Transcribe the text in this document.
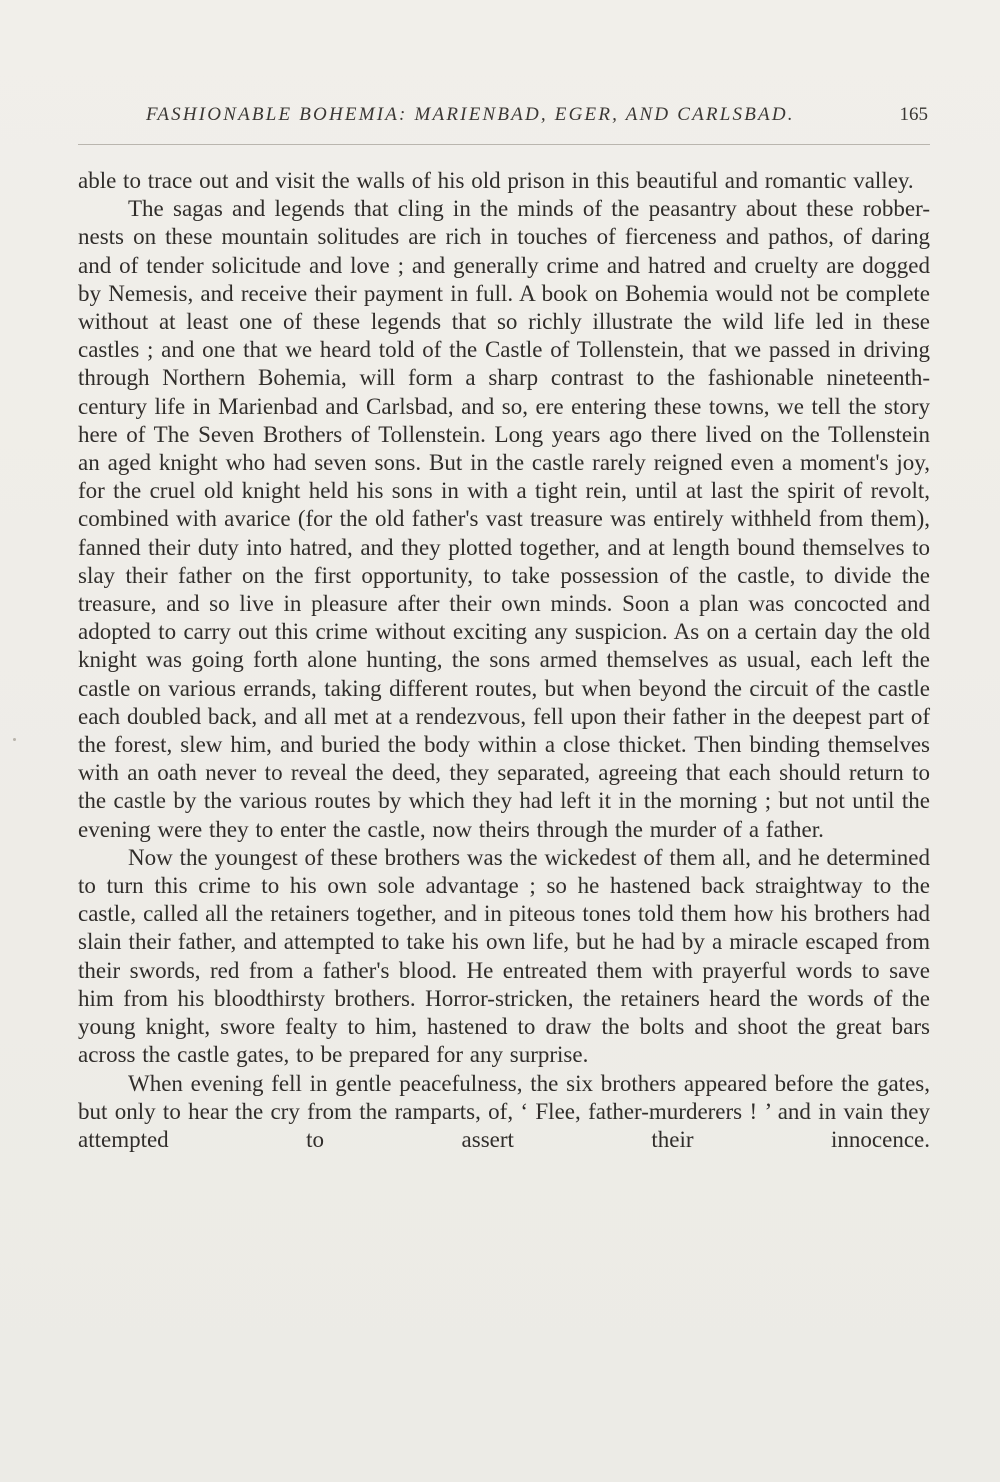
FASHIONABLE BOHEMIA: MARIENBAD, EGER, AND CARLSBAD.	165

able to trace out and visit the walls of his old prison in this beautiful and romantic valley.

The sagas and legends that cling in the minds of the peasantry about these robber-nests on these mountain solitudes are rich in touches of fierceness and pathos, of daring and of tender solicitude and love ; and generally crime and hatred and cruelty are dogged by Nemesis, and receive their payment in full. A book on Bohemia would not be complete without at least one of these legends that so richly illustrate the wild life led in these castles ; and one that we heard told of the Castle of Tollenstein, that we passed in driving through Northern Bohemia, will form a sharp contrast to the fashionable nineteenth-century life in Marienbad and Carlsbad, and so, ere entering these towns, we tell the story here of The Seven Brothers of Tollenstein. Long years ago there lived on the Tollenstein an aged knight who had seven sons. But in the castle rarely reigned even a moment's joy, for the cruel old knight held his sons in with a tight rein, until at last the spirit of revolt, combined with avarice (for the old father's vast treasure was entirely withheld from them), fanned their duty into hatred, and they plotted together, and at length bound themselves to slay their father on the first opportunity, to take possession of the castle, to divide the treasure, and so live in pleasure after their own minds. Soon a plan was concocted and adopted to carry out this crime without exciting any suspicion. As on a certain day the old knight was going forth alone hunting, the sons armed themselves as usual, each left the castle on various errands, taking different routes, but when beyond the circuit of the castle each doubled back, and all met at a rendezvous, fell upon their father in the deepest part of the forest, slew him, and buried the body within a close thicket. Then binding themselves with an oath never to reveal the deed, they separated, agreeing that each should return to the castle by the various routes by which they had left it in the morning ; but not until the evening were they to enter the castle, now theirs through the murder of a father.

Now the youngest of these brothers was the wickedest of them all, and he determined to turn this crime to his own sole advantage ; so he hastened back straightway to the castle, called all the retainers together, and in piteous tones told them how his brothers had slain their father, and attempted to take his own life, but he had by a miracle escaped from their swords, red from a father's blood. He entreated them with prayerful words to save him from his bloodthirsty brothers. Horror-stricken, the retainers heard the words of the young knight, swore fealty to him, hastened to draw the bolts and shoot the great bars across the castle gates, to be prepared for any surprise.

When evening fell in gentle peacefulness, the six brothers appeared before the gates, but only to hear the cry from the ramparts, of, ‘ Flee, father-murderers ! ’ and in vain they attempted to assert their innocence.
